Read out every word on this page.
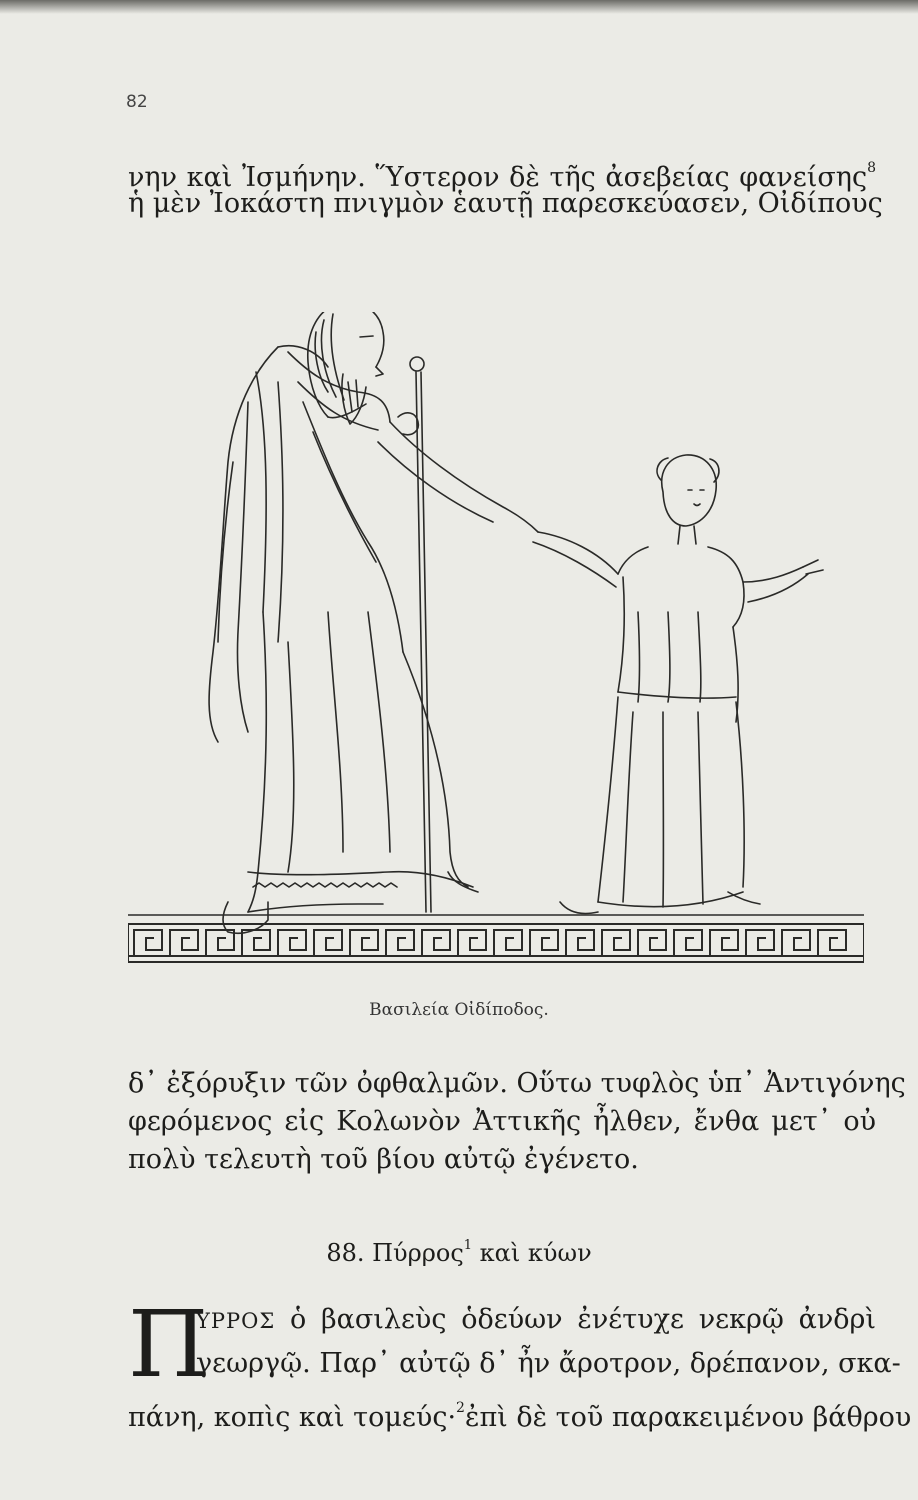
82
νην καὶ Ἰσμήνην. Ὕστερον δὲ τῆς ἀσεβείας φανείσης$^8$
ἡ μὲν Ἰοκάστη πνιγμὸν ἑαυτῇ παρεσκεύασεν, Οἰδίπους
Βασιλεία Οἰδίποδος.
δ᾿ ἐξόρυξιν τῶν ὀφθαλμῶν. Οὕτω τυφλὸς ὑπ᾿ Ἀντιγόνης
φερόμενος εἰς Κολωνὸν Ἀττικῆς ἦλθεν, ἔνθα μετ᾿ οὐ
πολὺ τελευτὴ τοῦ βίου αὐτῷ ἐγένετο.
88. Πύρρος$^1$ καὶ κύων
Π
ΥΡΡΟΣ ὁ βασιλεὺς ὁδεύων ἐνέτυχε νεκρῷ ἀνδρὶ
γεωργῷ. Παρ᾿ αὐτῷ δ᾿ ἦν ἄροτρον, δρέπανον, σκα-
πάνη, κοπὶς καὶ τομεύς·$^2$ἐπὶ δὲ τοῦ παρακειμένου βάθρου
